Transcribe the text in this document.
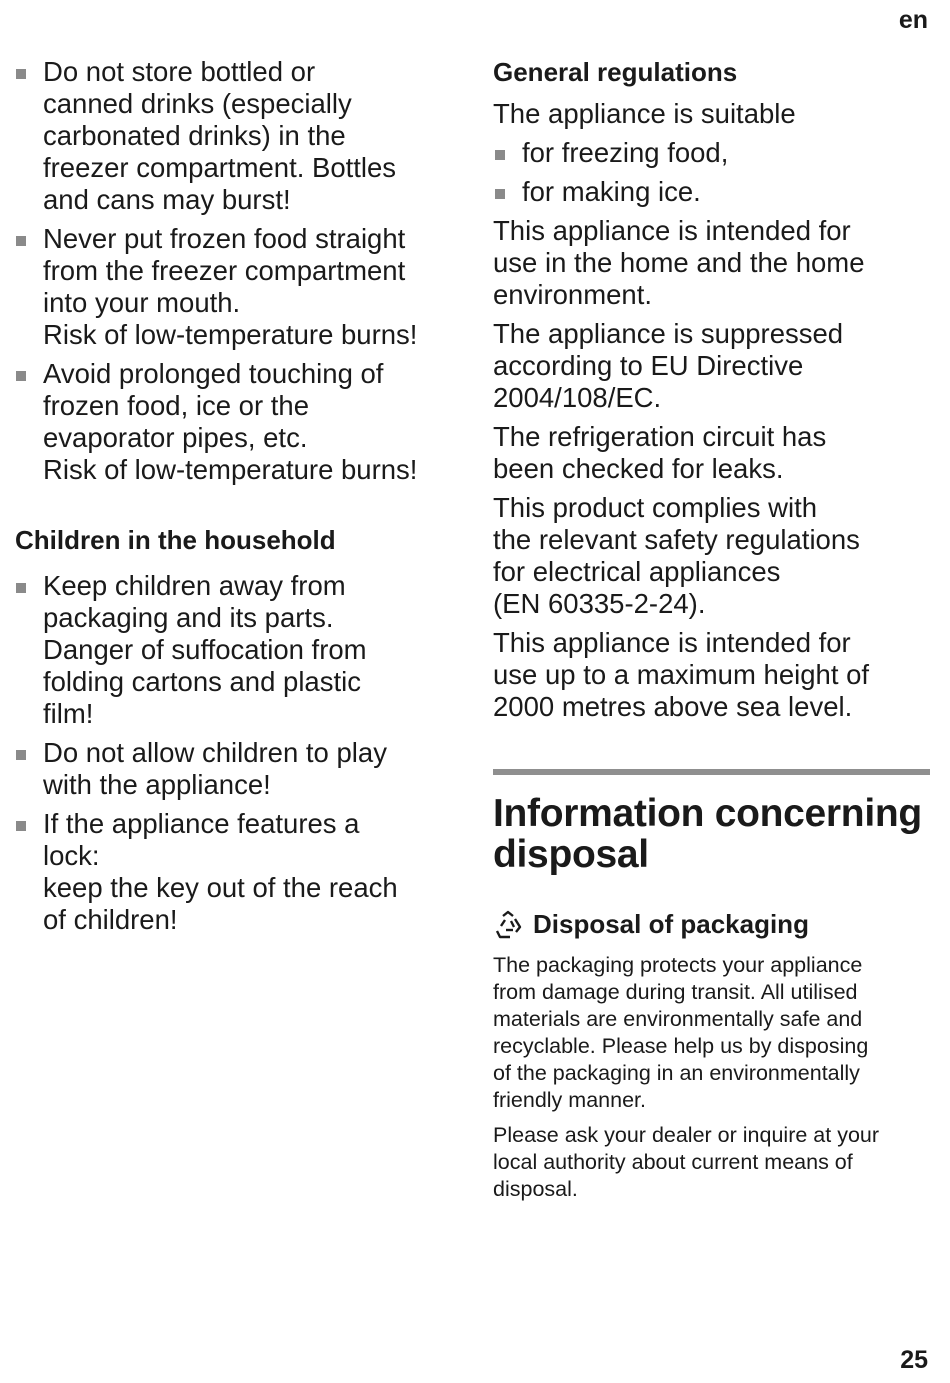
en
Do not store bottled or
canned drinks (especially
carbonated drinks) in the
freezer compartment. Bottles
and cans may burst!
Never put frozen food straight
from the freezer compartment
into your mouth.
Risk of low-temperature burns!
Avoid prolonged touching of
frozen food, ice or the
evaporator pipes, etc.
Risk of low-temperature burns!
Children in the household
Keep children away from
packaging and its parts.
Danger of suffocation from
folding cartons and plastic
film!
Do not allow children to play
with the appliance!
If the appliance features a
lock:
keep the key out of the reach
of children!
General regulations

The appliance is suitable

for freezing food,
for making ice.

This appliance is intended for
use in the home and the home
environment.

The appliance is suppressed
according to EU Directive
2004/108/EC.

The refrigeration circuit has
been checked for leaks.

This product complies with
the relevant safety regulations
for electrical appliances
(EN 60335-2-24).

This appliance is intended for
use up to a maximum height of
2000 metres above sea level.

Information concerning
disposal
Disposal of packaging

The packaging protects your appliance
from damage during transit. All utilised
materials are environmentally safe and
recyclable. Please help us by disposing
of the packaging in an environmentally
friendly manner.

Please ask your dealer or inquire at your
local authority about current means of
disposal.

25
